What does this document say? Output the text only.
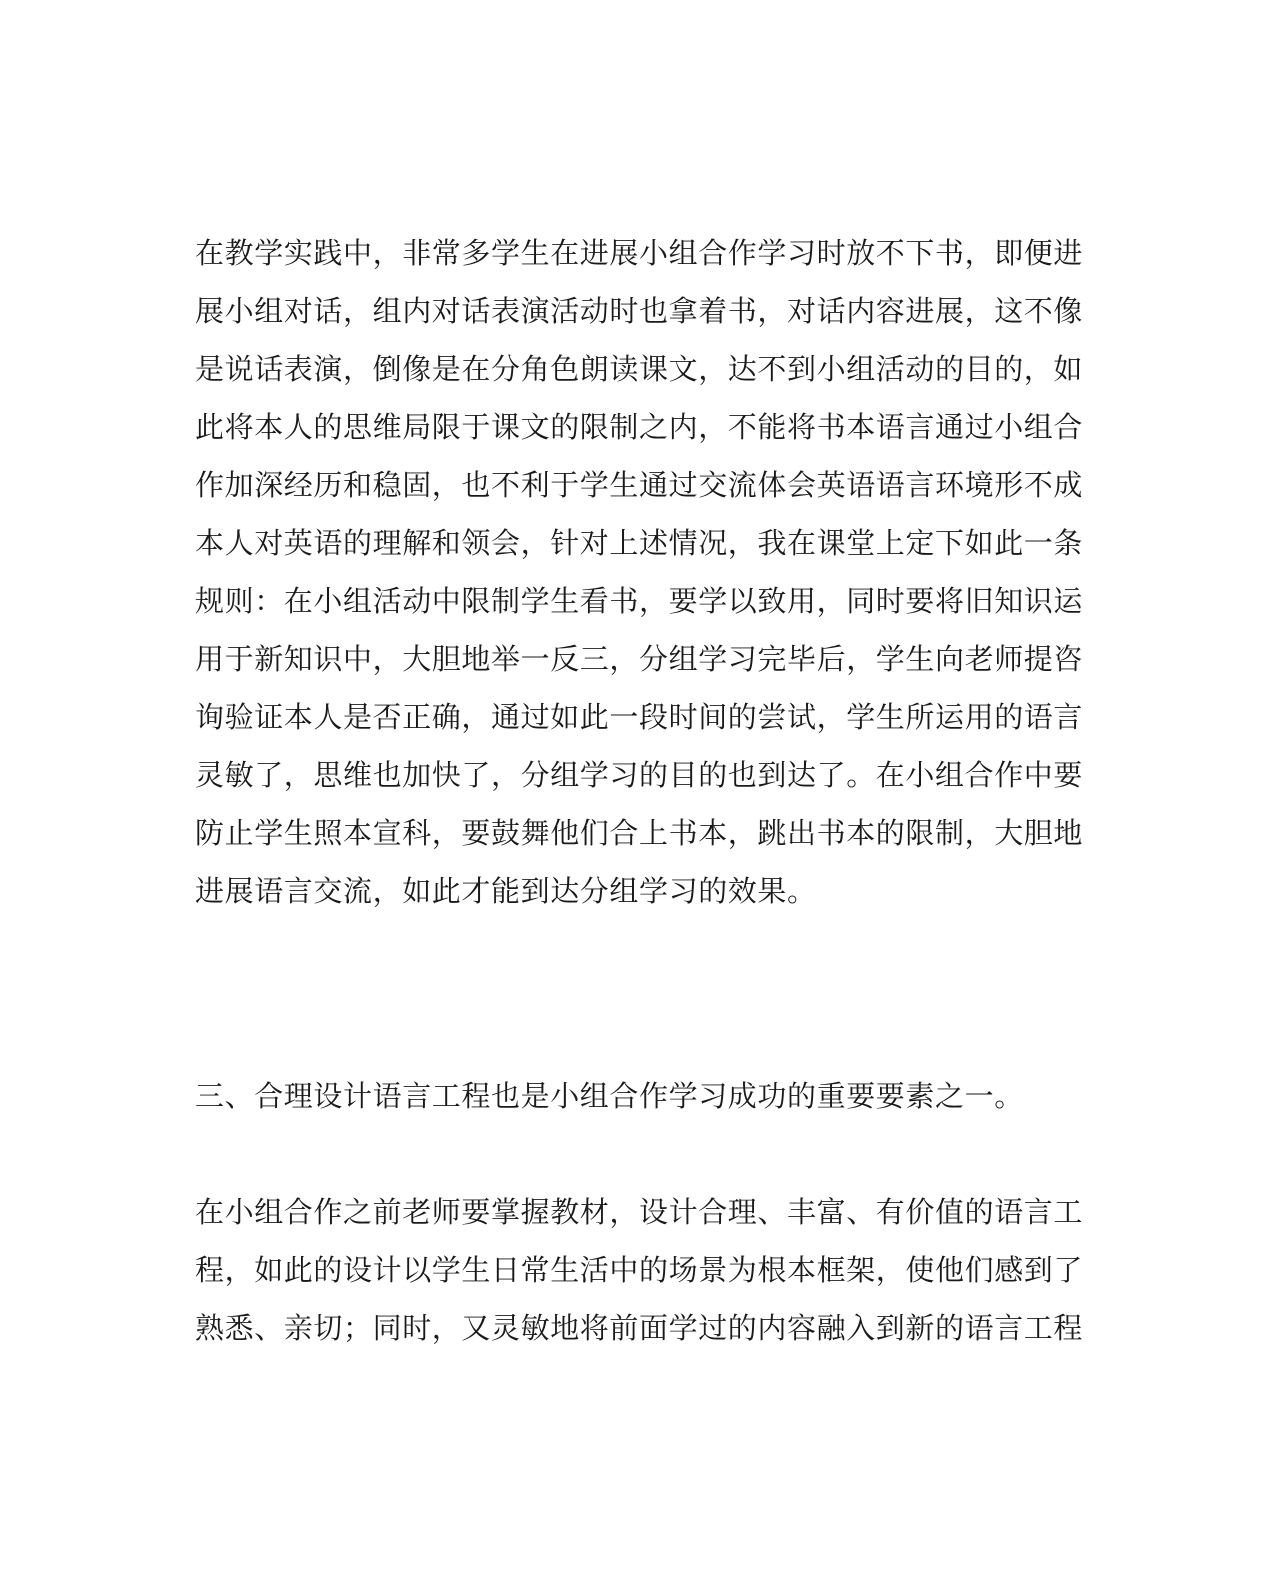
在教学实践中，非常多学生在进展小组合作学习时放不下书，即便进
展小组对话，组内对话表演活动时也拿着书，对话内容进展，这不像
是说话表演，倒像是在分角色朗读课文，达不到小组活动的目的，如
此将本人的思维局限于课文的限制之内，不能将书本语言通过小组合
作加深经历和稳固，也不利于学生通过交流体会英语语言环境形不成
本人对英语的理解和领会，针对上述情况，我在课堂上定下如此一条
规则：在小组活动中限制学生看书，要学以致用，同时要将旧知识运
用于新知识中，大胆地举一反三，分组学习完毕后，学生向老师提咨
询验证本人是否正确，通过如此一段时间的尝试，学生所运用的语言
灵敏了，思维也加快了，分组学习的目的也到达了。在小组合作中要
防止学生照本宣科，要鼓舞他们合上书本，跳出书本的限制，大胆地
进展语言交流，如此才能到达分组学习的效果。
三、合理设计语言工程也是小组合作学习成功的重要要素之一。
在小组合作之前老师要掌握教材，设计合理、丰富、有价值的语言工
程，如此的设计以学生日常生活中的场景为根本框架，使他们感到了
熟悉、亲切；同时，又灵敏地将前面学过的内容融入到新的语言工程
